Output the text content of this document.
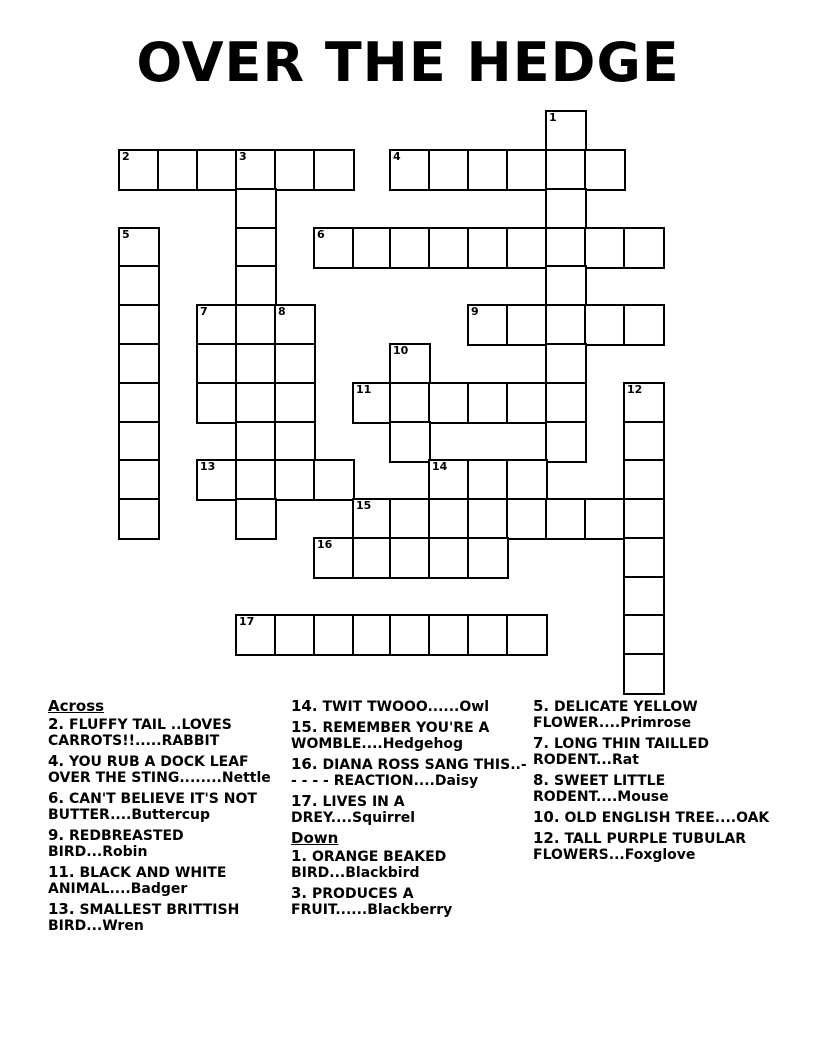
OVER THE HEDGE
1
2	3	4
5	6
7	8	9
10
11	12
13	14
15
16
17
Across
2. FLUFFY TAIL ..LOVES CARROTS!!.....RABBIT
4. YOU RUB A DOCK LEAF OVER THE STING........Nettle
6. CAN'T BELIEVE IT'S NOT BUTTER....Buttercup
9. REDBREASTED BIRD...Robin
11. BLACK AND WHITE ANIMAL....Badger
13. SMALLEST BRITTISH BIRD...Wren
14. TWIT TWOOO......Owl
15. REMEMBER YOU'RE A WOMBLE....Hedgehog
16. DIANA ROSS SANG THIS..- - - - - REACTION....Daisy
17. LIVES IN A DREY....Squirrel
Down
1. ORANGE BEAKED BIRD...Blackbird
3. PRODUCES A FRUIT......Blackberry
5. DELICATE YELLOW FLOWER....Primrose
7. LONG THIN TAILLED RODENT...Rat
8. SWEET LITTLE RODENT....Mouse
10. OLD ENGLISH TREE....OAK
12. TALL PURPLE TUBULAR FLOWERS...Foxglove
